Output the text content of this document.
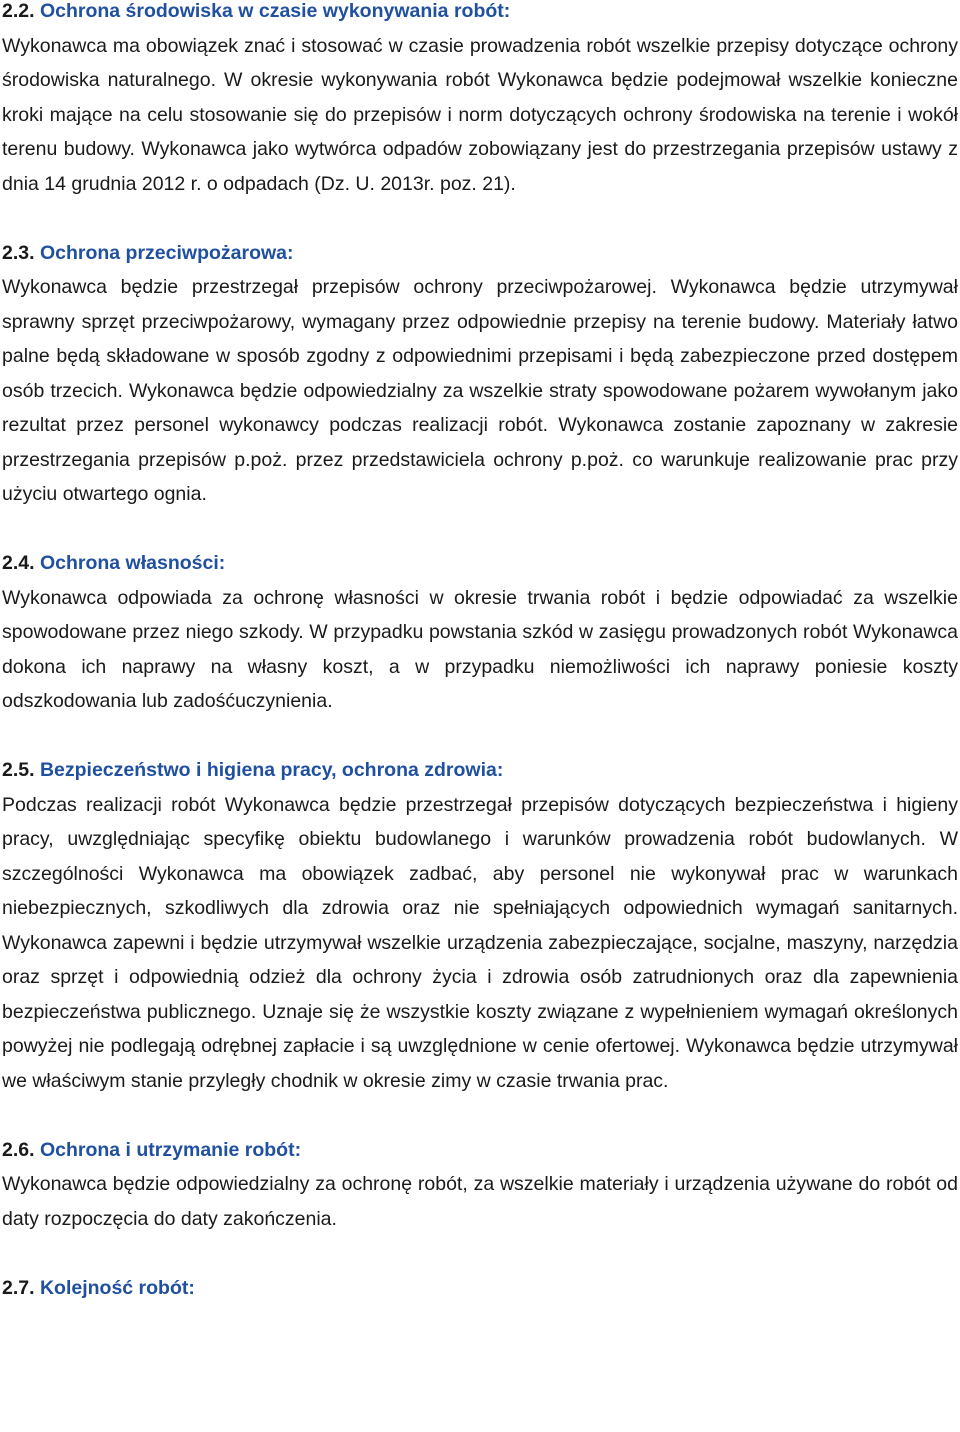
2.2. Ochrona środowiska w czasie wykonywania robót:

Wykonawca ma obowiązek znać i stosować w czasie prowadzenia robót wszelkie przepisy dotyczące ochrony środowiska naturalnego. W okresie wykonywania robót Wykonawca będzie podejmował wszelkie konieczne kroki mające na celu stosowanie się do przepisów i norm dotyczących ochrony środowiska na terenie i wokół terenu budowy. Wykonawca jako wytwórca odpadów zobowiązany jest do przestrzegania przepisów ustawy z dnia 14 grudnia 2012 r. o odpadach (Dz. U. 2013r. poz. 21).

2.3. Ochrona przeciwpożarowa:

Wykonawca będzie przestrzegał przepisów ochrony przeciwpożarowej. Wykonawca będzie utrzymywał sprawny sprzęt przeciwpożarowy, wymagany przez odpowiednie przepisy na terenie budowy. Materiały łatwo palne będą składowane w sposób zgodny z odpowiednimi przepisami i będą zabezpieczone przed dostępem osób trzecich. Wykonawca będzie odpowiedzialny za wszelkie straty spowodowane pożarem wywołanym jako rezultat przez personel wykonawcy podczas realizacji robót. Wykonawca zostanie zapoznany w zakresie przestrzegania przepisów p.poż. przez przedstawiciela ochrony p.poż. co warunkuje realizowanie prac przy użyciu otwartego ognia.

2.4. Ochrona własności:

Wykonawca odpowiada za ochronę własności w okresie trwania robót i będzie odpowiadać za wszelkie spowodowane przez niego szkody. W przypadku powstania szkód w zasięgu prowadzonych robót Wykonawca dokona ich naprawy na własny koszt, a w przypadku niemożliwości ich naprawy poniesie koszty odszkodowania lub zadośćuczynienia.

2.5. Bezpieczeństwo i higiena pracy, ochrona zdrowia:

Podczas realizacji robót Wykonawca będzie przestrzegał przepisów dotyczących bezpieczeństwa i higieny pracy, uwzględniając specyfikę obiektu budowlanego i warunków prowadzenia robót budowlanych. W szczególności Wykonawca ma obowiązek zadbać, aby personel nie wykonywał prac w warunkach niebezpiecznych, szkodliwych dla zdrowia oraz nie spełniających odpowiednich wymagań sanitarnych. Wykonawca zapewni i będzie utrzymywał wszelkie urządzenia zabezpieczające, socjalne, maszyny, narzędzia oraz sprzęt i odpowiednią odzież dla ochrony życia i zdrowia osób zatrudnionych oraz dla zapewnienia bezpieczeństwa publicznego. Uznaje się że wszystkie koszty związane z wypełnieniem wymagań określonych powyżej nie podlegają odrębnej zapłacie i są uwzględnione w cenie ofertowej. Wykonawca będzie utrzymywał we właściwym stanie przyległy chodnik w okresie zimy w czasie trwania prac.

2.6. Ochrona i utrzymanie robót:

Wykonawca będzie odpowiedzialny za ochronę robót, za wszelkie materiały i urządzenia używane do robót od daty rozpoczęcia do daty zakończenia.

2.7. Kolejność robót:
